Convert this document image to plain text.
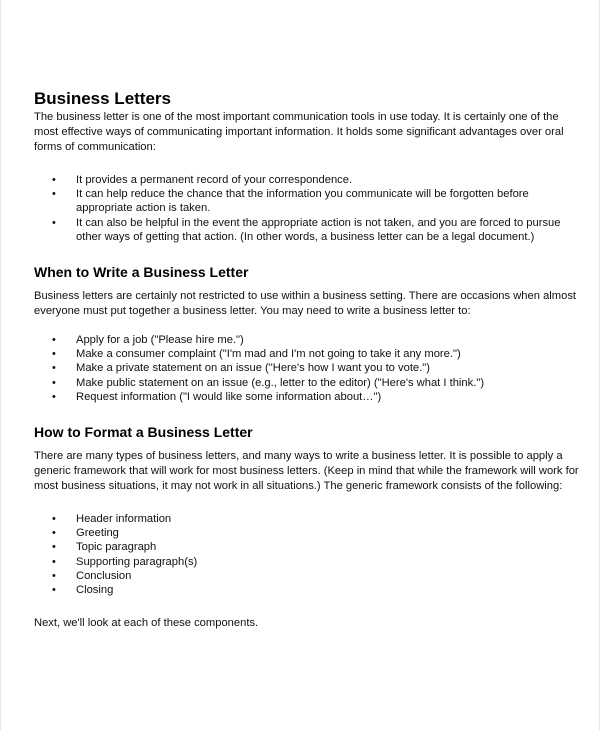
Business Letters

The business letter is one of the most important communication tools in use today. It is certainly one of the most effective ways of communicating important information. It holds some significant advantages over oral forms of communication:

• It provides a permanent record of your correspondence.
• It can help reduce the chance that the information you communicate will be forgotten before appropriate action is taken.
• It can also be helpful in the event the appropriate action is not taken, and you are forced to pursue other ways of getting that action. (In other words, a business letter can be a legal document.)
When to Write a Business Letter

Business letters are certainly not restricted to use within a business setting. There are occasions when almost everyone must put together a business letter. You may need to write a business letter to:

• Apply for a job ("Please hire me.")
• Make a consumer complaint ("I'm mad and I'm not going to take it any more.")
• Make a private statement on an issue ("Here's how I want you to vote.")
• Make public statement on an issue (e.g., letter to the editor) ("Here's what I think.")
• Request information ("I would like some information about…")
How to Format a Business Letter

There are many types of business letters, and many ways to write a business letter. It is possible to apply a generic framework that will work for most business letters. (Keep in mind that while the framework will work for most business situations, it may not work in all situations.) The generic framework consists of the following:

• Header information
• Greeting
• Topic paragraph
• Supporting paragraph(s)
• Conclusion
• Closing

Next, we'll look at each of these components.
